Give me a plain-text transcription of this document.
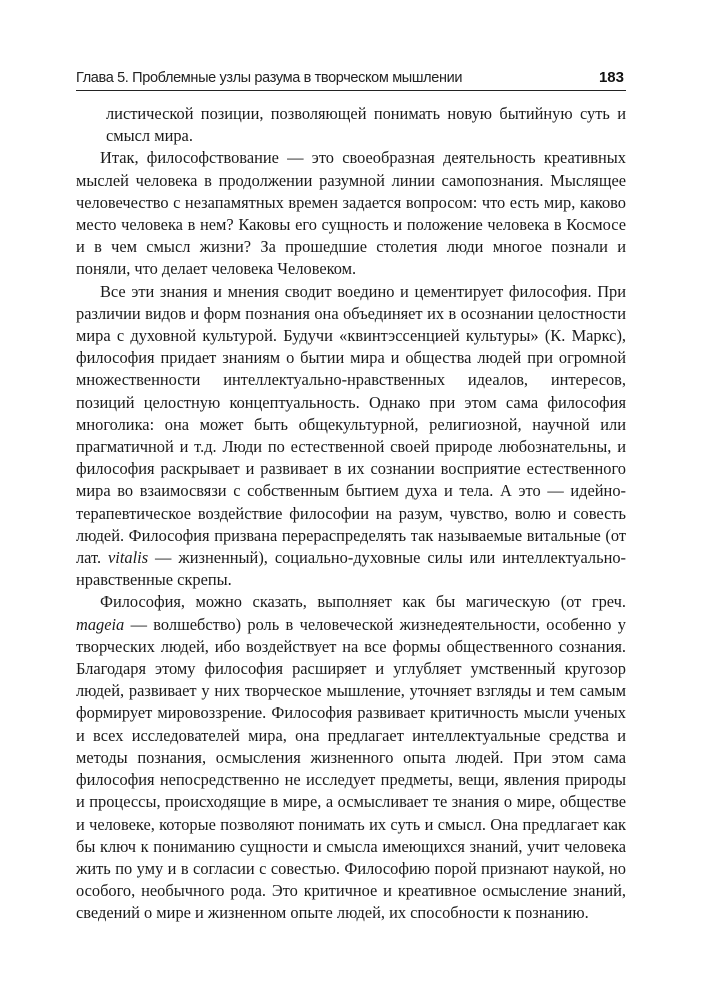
Глава 5. Проблемные узлы разума в творческом мышлении	183

листической позиции, позволяющей понимать новую бытийную суть и смысл мира.

Итак, философствование — это своеобразная деятельность креативных мыслей человека в продолжении разумной линии самопознания. Мыслящее человечество с незапамятных времен задается вопросом: что есть мир, каково место человека в нем? Каковы его сущность и положение человека в Космосе и в чем смысл жизни? За прошедшие столетия люди многое познали и поняли, что делает человека Человеком.

Все эти знания и мнения сводит воедино и цементирует философия. При различии видов и форм познания она объединяет их в осознании целостности мира с духовной культурой. Будучи «квинтэссенцией культуры» (К. Маркс), философия придает знаниям о бытии мира и общества людей при огромной множественности интеллектуально-нравственных идеалов, интересов, позиций целостную концептуальность. Однако при этом сама философия многолика: она может быть общекультурной, религиозной, научной или прагматичной и т.д. Люди по естественной своей природе любознательны, и философия раскрывает и развивает в их сознании восприятие естественного мира во взаимосвязи с собственным бытием духа и тела. А это — идейно-терапевтическое воздействие философии на разум, чувство, волю и совесть людей. Философия призвана перераспределять так называемые витальные (от лат. vitalis — жизненный), социально-духовные силы или интеллектуально-нравственные скрепы.

Философия, можно сказать, выполняет как бы магическую (от греч. mageia — волшебство) роль в человеческой жизнедеятельности, особенно у творческих людей, ибо воздействует на все формы общественного сознания. Благодаря этому философия расширяет и углубляет умственный кругозор людей, развивает у них творческое мышление, уточняет взгляды и тем самым формирует мировоззрение. Философия развивает критичность мысли ученых и всех исследователей мира, она предлагает интеллектуальные средства и методы познания, осмысления жизненного опыта людей. При этом сама философия непосредственно не исследует предметы, вещи, явления природы и процессы, происходящие в мире, а осмысливает те знания о мире, обществе и человеке, которые позволяют понимать их суть и смысл. Она предлагает как бы ключ к пониманию сущности и смысла имеющихся знаний, учит человека жить по уму и в согласии с совестью. Философию порой признают наукой, но особого, необычного рода. Это критичное и креативное осмысление знаний, сведений о мире и жизненном опыте людей, их способности к познанию.
